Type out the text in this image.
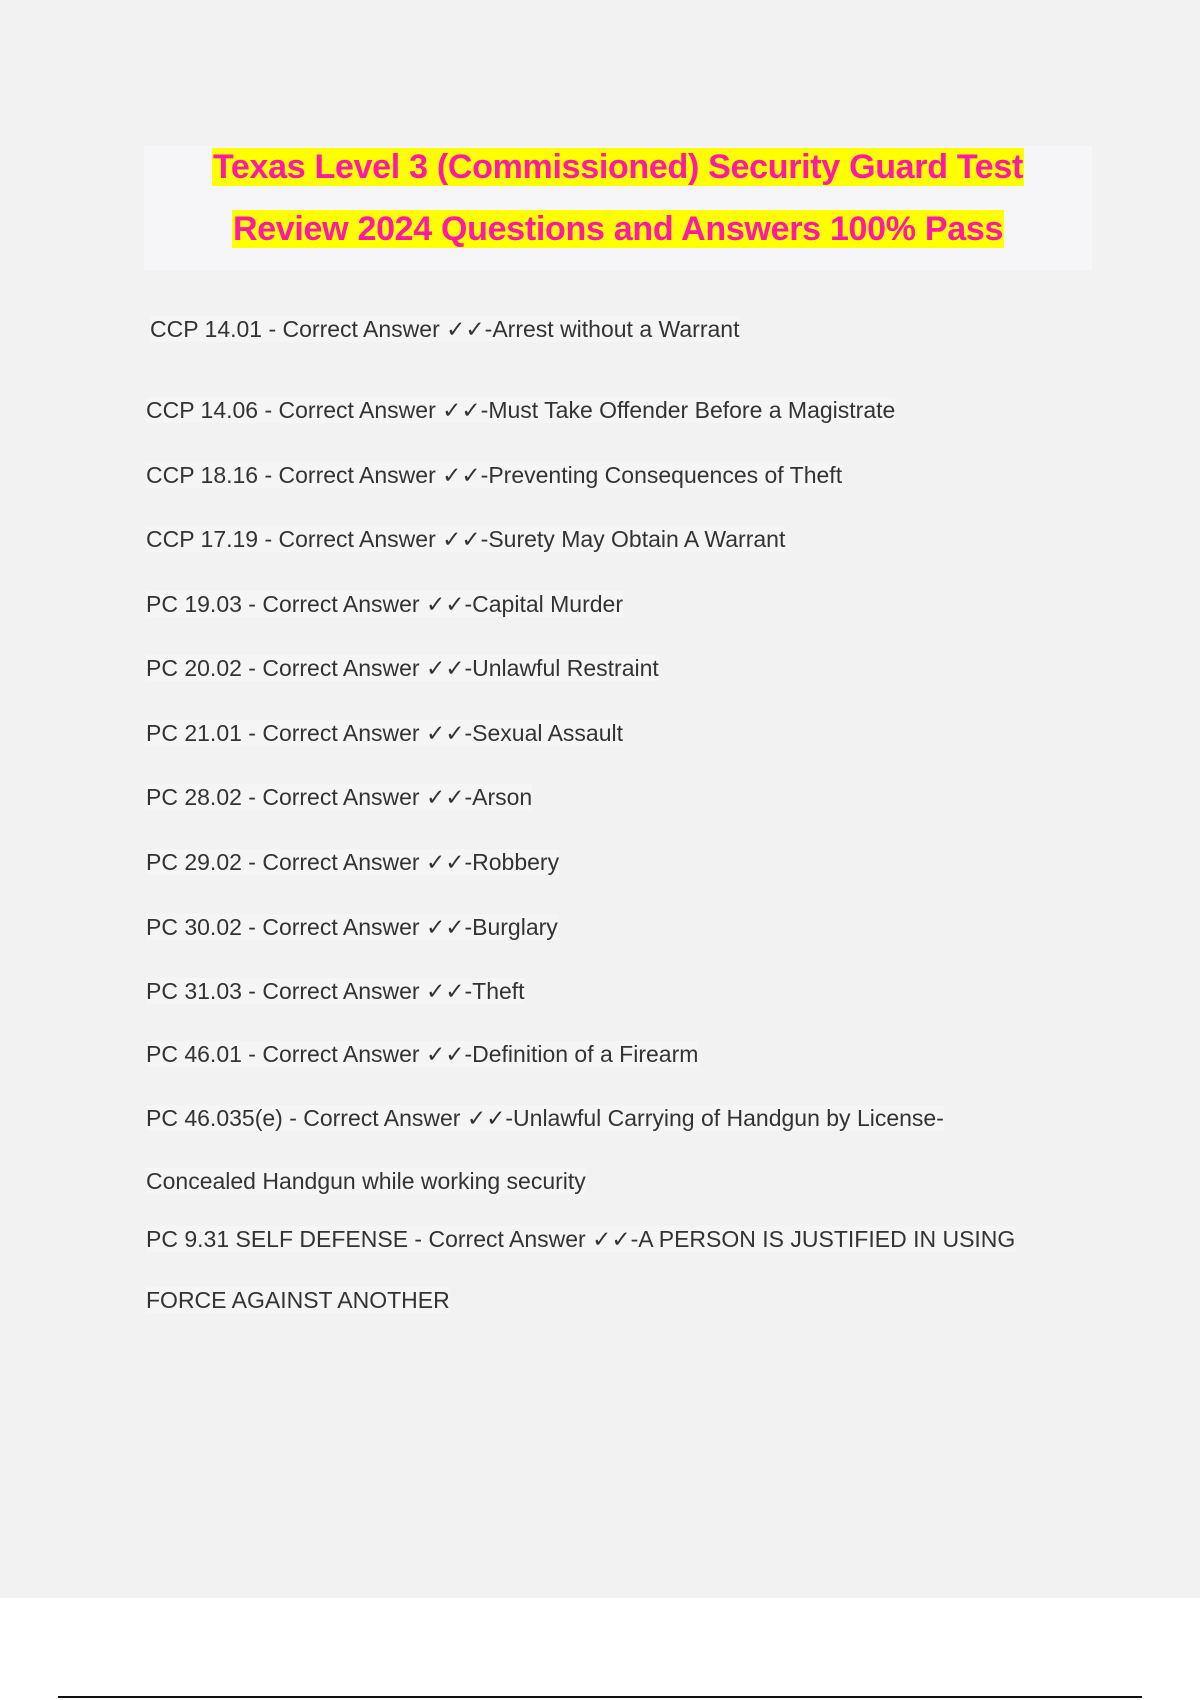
Texas Level 3 (Commissioned) Security Guard Test
Review 2024 Questions and Answers 100% Pass
CCP 14.01 - Correct Answer ✓✓-Arrest without a Warrant
CCP 14.06 - Correct Answer ✓✓-Must Take Offender Before a Magistrate
CCP 18.16 - Correct Answer ✓✓-Preventing Consequences of Theft
CCP 17.19 - Correct Answer ✓✓-Surety May Obtain A Warrant
PC 19.03 - Correct Answer ✓✓-Capital Murder
PC 20.02 - Correct Answer ✓✓-Unlawful Restraint
PC 21.01 - Correct Answer ✓✓-Sexual Assault
PC 28.02 - Correct Answer ✓✓-Arson
PC 29.02 - Correct Answer ✓✓-Robbery
PC 30.02 - Correct Answer ✓✓-Burglary
PC 31.03 - Correct Answer ✓✓-Theft
PC 46.01 - Correct Answer ✓✓-Definition of a Firearm
PC 46.035(e) - Correct Answer ✓✓-Unlawful Carrying of Handgun by License-
Concealed Handgun while working security
PC 9.31 SELF DEFENSE - Correct Answer ✓✓-A PERSON IS JUSTIFIED IN USING
FORCE AGAINST ANOTHER
